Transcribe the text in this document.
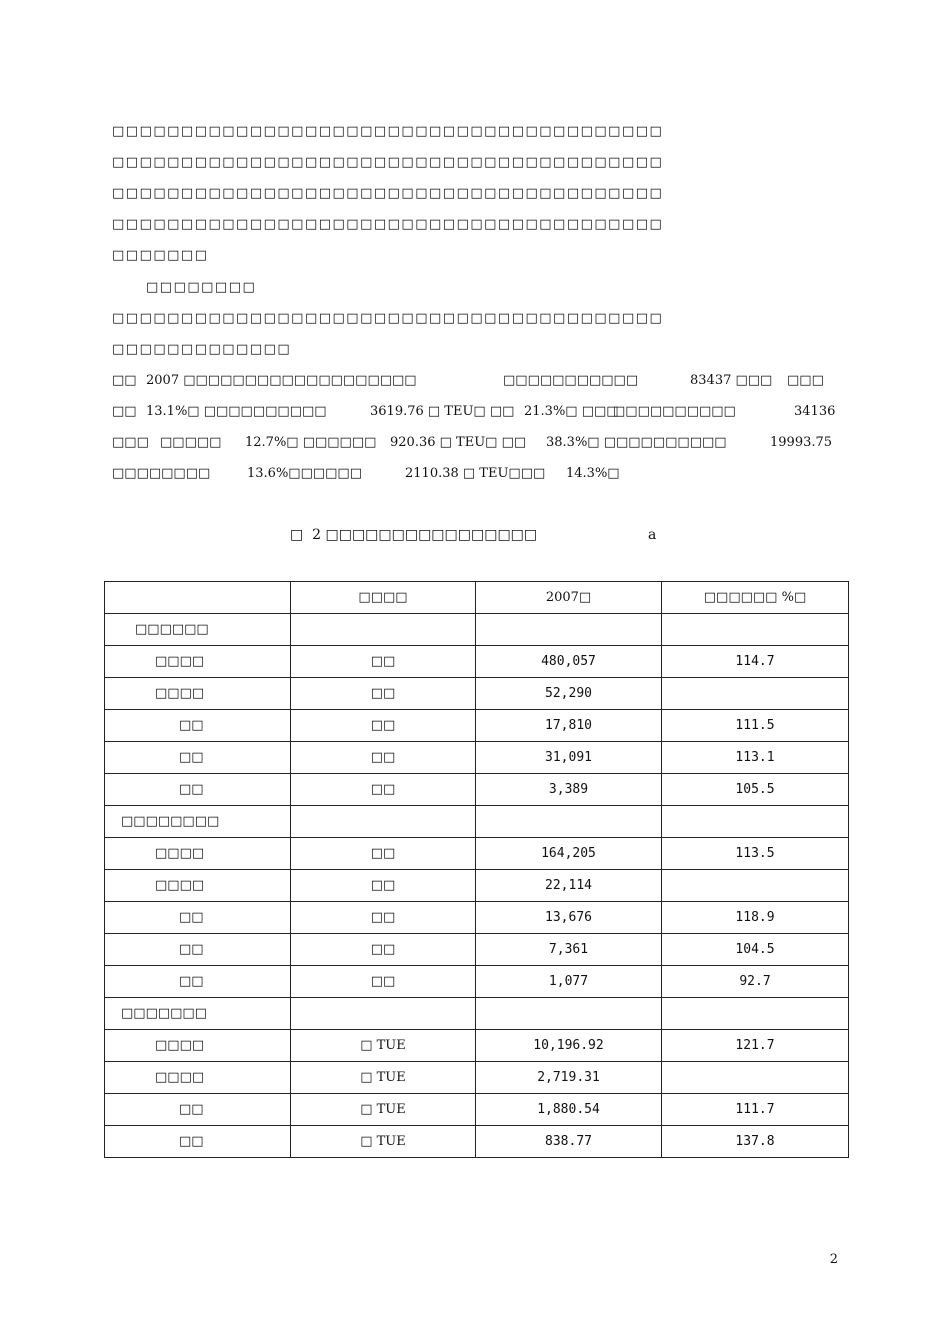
□□□□□□□□□□□□□□□□□□□□□□□□□□□□□□□□□□□□□□□□
□□□□□□□□□□□□□□□□□□□□□□□□□□□□□□□□□□□□□□□□
□□□□□□□□□□□□□□□□□□□□□□□□□□□□□□□□□□□□□□□□
□□□□□□□□□□□□□□□□□□□□□□□□□□□□□□□□□□□□□□□□
□□□□□□□
□□□□□□□□
□□□□□□□□□□□□□□□□□□□□□□□□□□□□□□□□□□□□□□□□
□□□□□□□□□□□□□
□□ 2007 □□□□□□□□□□□□□□□□□□□	□□□□□□□□□□□	83437 □□□ □□□
□□ 13.1%□ □□□□□□□□□□	3619.76 □ TEU□ □□ 21.3%□ □□□
□□□□□□□□□□	34136
□□□ □□□□□ 12.7%□ □□□□□□ 920.36 □ TEU□ □□ 38.3%□ □□□□□□□□□□	19993.75
□□□□□□□□	13.6%□□□□□□	2110.38 □ TEU□□□ 14.3%□
□  2 □□□□□□□□□□□□□□□□	a
	□□□□	2007□	□□□□□□ %□
□□□□□□			
□□□□	□□	480,057	114.7
□□□□	□□	52,290	
□□	□□	17,810	111.5
□□	□□	31,091	113.1
□□	□□	3,389	105.5
□□□□□□□□			
□□□□	□□	164,205	113.5
□□□□	□□	22,114	
□□	□□	13,676	118.9
□□	□□	7,361	104.5
□□	□□	1,077	92.7
□□□□□□□			
□□□□	□ TUE	10,196.92	121.7
□□□□	□ TUE	2,719.31	
□□	□ TUE	1,880.54	111.7
□□	□ TUE	838.77	137.8
2
